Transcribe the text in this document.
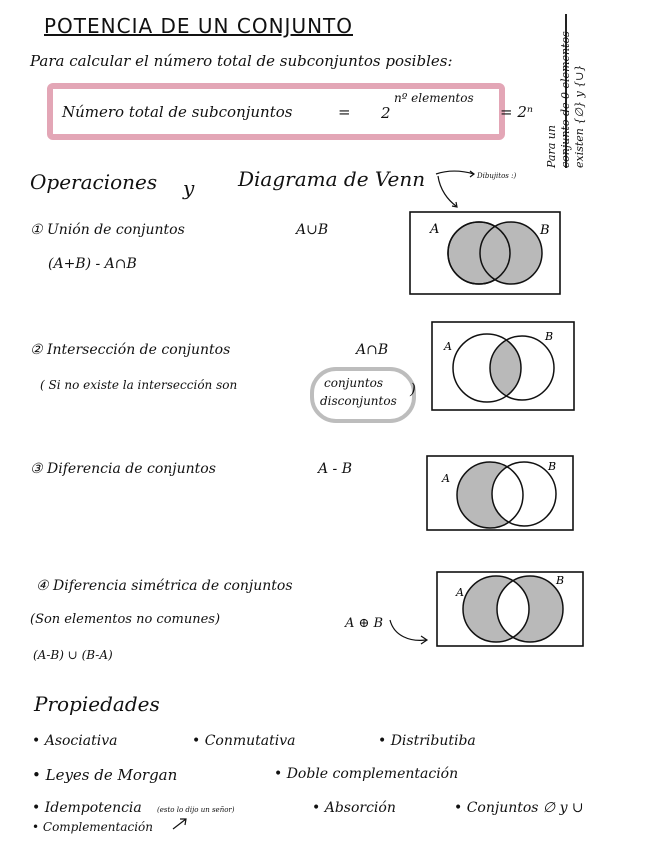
POTENCIA DE UN CONJUNTO
Para calcular el número total de subconjuntos posibles:
Número total de subconjuntos	= 2
nº elementos
= 2ⁿ
Para un conjunto de 0 elementos existen {∅} y {∪}
Operaciones y Diagrama de Venn	Dibujitos :)
① Unión de conjuntos	A∪B
(A+B) - A∩B
A	B
② Intersección de conjuntos	A∩B
( Si no existe la intersección son	conjuntos
disconjuntos
)
A
B
③ Diferencia de conjuntos	A - B
A
B
④ Diferencia simétrica de conjuntos
(Son elementos no comunes)	A ⊕ B
(A-B) ∪ (B-A)
A
B
Propiedades
• Asociativa	• Conmutativa	• Distributiba
• Leyes de Morgan	• Doble complementación
• Idempotencia (esto lo dijo un señor)	• Absorción	• Conjuntos ∅ y ∪
• Complementación
